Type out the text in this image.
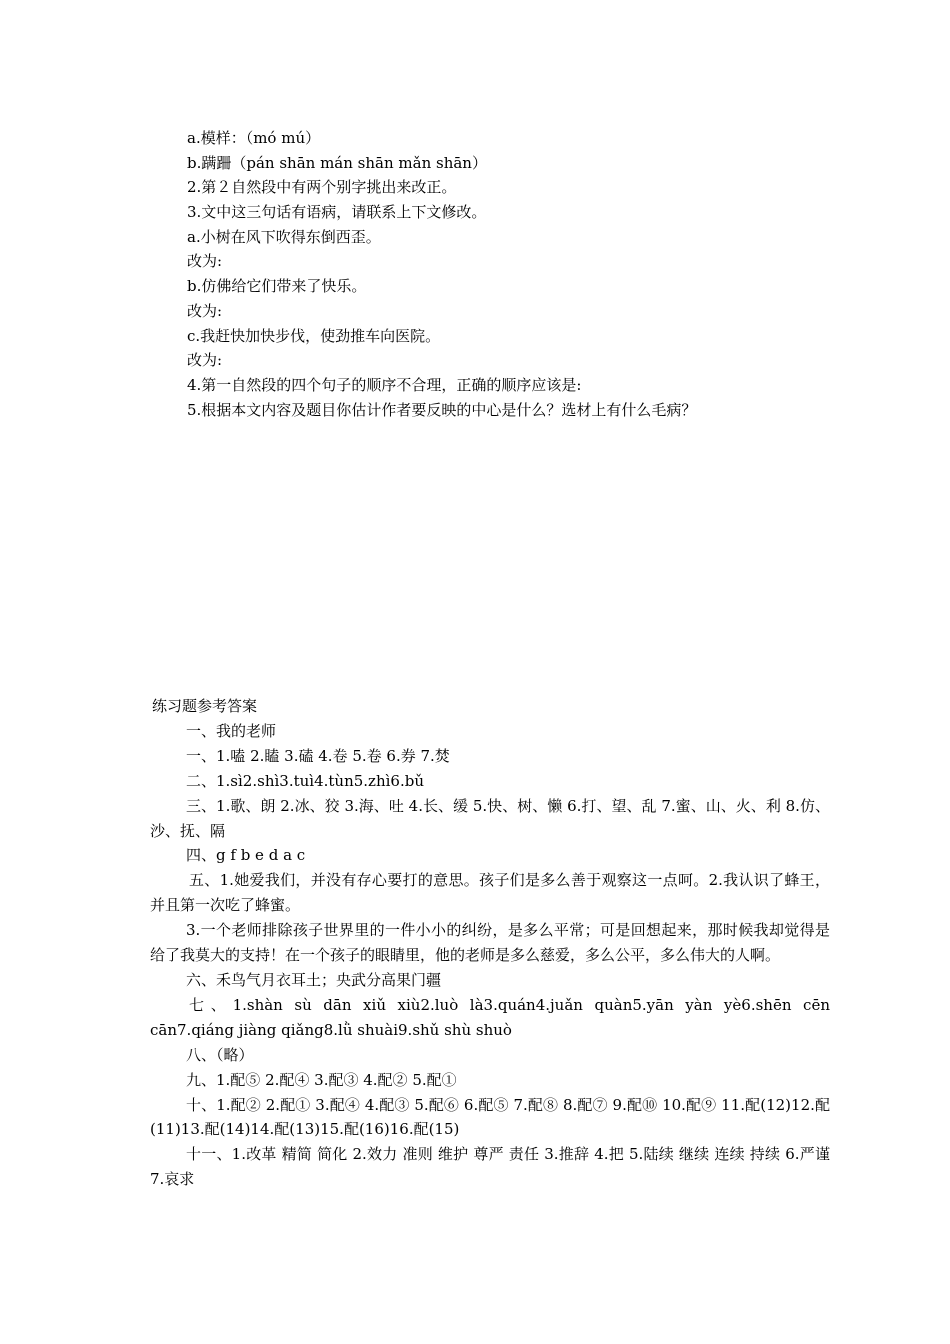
a.模样：（mó mú）
b.蹒跚（pán shān mán shān mǎn shān）
2.第２自然段中有两个别字挑出来改正。
3.文中这三句话有语病，请联系上下文修改。
a.小树在风下吹得东倒西歪。
改为:
b.仿佛给它们带来了快乐。
改为:
c.我赶快加快步伐，使劲推车向医院。
改为:
4.第一自然段的四个句子的顺序不合理，正确的顺序应该是:
5.根据本文内容及题目你估计作者要反映的中心是什么？选材上有什么毛病？
练习题参考答案
一、我的老师
一、1.嗑 2.瞌 3.磕 4.卷 5.卷 6.券 7.焚
二、1.sì2.shì3.tuì4.tùn5.zhì6.bǔ
三、1.歌、朗 2.冰、狡 3.海、吐 4.长、缓 5.快、树、懒 6.打、望、乱 7.蜜、山、火、利 8.仿、沙、抚、隔
四、g f b e d a c
五、1.她爱我们，并没有存心要打的意思。孩子们是多么善于观察这一点呵。2.我认识了蜂王，并且第一次吃了蜂蜜。
3.一个老师排除孩子世界里的一件小小的纠纷，是多么平常；可是回想起来，那时候我却觉得是给了我莫大的支持！在一个孩子的眼睛里，他的老师是多么慈爱，多么公平，多么伟大的人啊。
六、禾鸟气月衣耳土；央武分高果门疆
七、1.shàn sù dān xiǔ xiù2.luò là3.quán4.juǎn quàn5.yān yàn yè6.shēn cēn cān7.qiáng jiàng qiǎng8.lǜ shuài9.shǔ shù shuò
八、（略）
九、1.配⑤ 2.配④ 3.配③ 4.配② 5.配①
十、1.配② 2.配① 3.配④ 4.配③ 5.配⑥ 6.配⑤ 7.配⑧ 8.配⑦ 9.配⑩ 10.配⑨ 11.配(12)12.配(11)13.配(14)14.配(13)15.配(16)16.配(15)
十一、1.改革 精简 简化 2.效力 准则 维护 尊严 责任 3.推辞 4.把 5.陆续 继续 连续 持续 6.严谨 7.哀求
